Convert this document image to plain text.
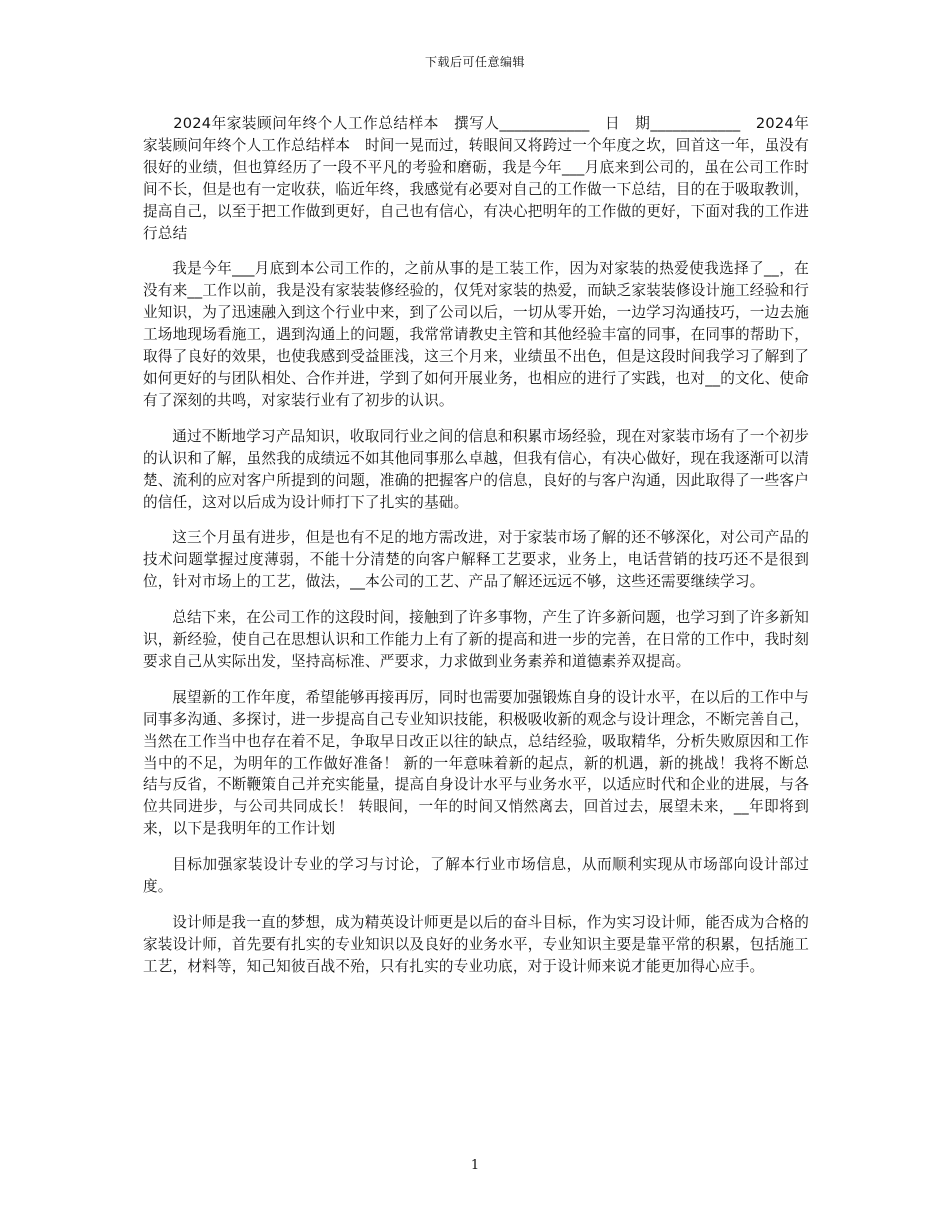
下载后可任意编辑

　　2024年家装顾问年终个人工作总结样本　撰写人____________　日　期____________　2024年家装顾问年终个人工作总结样本　时间一晃而过，转眼间又将跨过一个年度之坎，回首这一年，虽没有很好的业绩，但也算经历了一段不平凡的考验和磨砺，我是今年___月底来到公司的，虽在公司工作时间不长，但是也有一定收获，临近年终，我感觉有必要对自己的工作做一下总结，目的在于吸取教训，提高自己，以至于把工作做到更好，自己也有信心，有决心把明年的工作做的更好，下面对我的工作进行总结

我是今年___月底到本公司工作的，之前从事的是工装工作，因为对家装的热爱使我选择了__，在没有来__工作以前，我是没有家装装修经验的，仅凭对家装的热爱，而缺乏家装装修设计施工经验和行业知识，为了迅速融入到这个行业中来，到了公司以后，一切从零开始，一边学习沟通技巧，一边去施工场地现场看施工，遇到沟通上的问题，我常常请教史主管和其他经验丰富的同事，在同事的帮助下，取得了良好的效果，也使我感到受益匪浅，这三个月来，业绩虽不出色，但是这段时间我学习了解到了如何更好的与团队相处、合作并进，学到了如何开展业务，也相应的进行了实践，也对__的文化、使命有了深刻的共鸣，对家装行业有了初步的认识。

通过不断地学习产品知识，收取同行业之间的信息和积累市场经验，现在对家装市场有了一个初步的认识和了解，虽然我的成绩远不如其他同事那么卓越，但我有信心，有决心做好，现在我逐渐可以清楚、流利的应对客户所提到的问题，准确的把握客户的信息，良好的与客户沟通，因此取得了一些客户的信任，这对以后成为设计师打下了扎实的基础。

这三个月虽有进步，但是也有不足的地方需改进，对于家装市场了解的还不够深化，对公司产品的技术问题掌握过度薄弱，不能十分清楚的向客户解释工艺要求，业务上，电话营销的技巧还不是很到位，针对市场上的工艺，做法，__本公司的工艺、产品了解还远远不够，这些还需要继续学习。

总结下来，在公司工作的这段时间，接触到了许多事物，产生了许多新问题，也学习到了许多新知识，新经验，使自己在思想认识和工作能力上有了新的提高和进一步的完善，在日常的工作中，我时刻要求自己从实际出发，坚持高标准、严要求，力求做到业务素养和道德素养双提高。

展望新的工作年度，希望能够再接再厉，同时也需要加强锻炼自身的设计水平，在以后的工作中与同事多沟通、多探讨，进一步提高自己专业知识技能，积极吸收新的观念与设计理念，不断完善自己，当然在工作当中也存在着不足，争取早日改正以往的缺点，总结经验，吸取精华，分析失败原因和工作当中的不足，为明年的工作做好准备！ 新的一年意味着新的起点，新的机遇，新的挑战！我将不断总结与反省，不断鞭策自己并充实能量，提高自身设计水平与业务水平，以适应时代和企业的进展，与各位共同进步，与公司共同成长！ 转眼间，一年的时间又悄然离去，回首过去，展望未来，__年即将到来，以下是我明年的工作计划

目标加强家装设计专业的学习与讨论，了解本行业市场信息，从而顺利实现从市场部向设计部过度。

设计师是我一直的梦想，成为精英设计师更是以后的奋斗目标，作为实习设计师，能否成为合格的家装设计师，首先要有扎实的专业知识以及良好的业务水平，专业知识主要是靠平常的积累，包括施工工艺，材料等，知己知彼百战不殆，只有扎实的专业功底，对于设计师来说才能更加得心应手。

1
